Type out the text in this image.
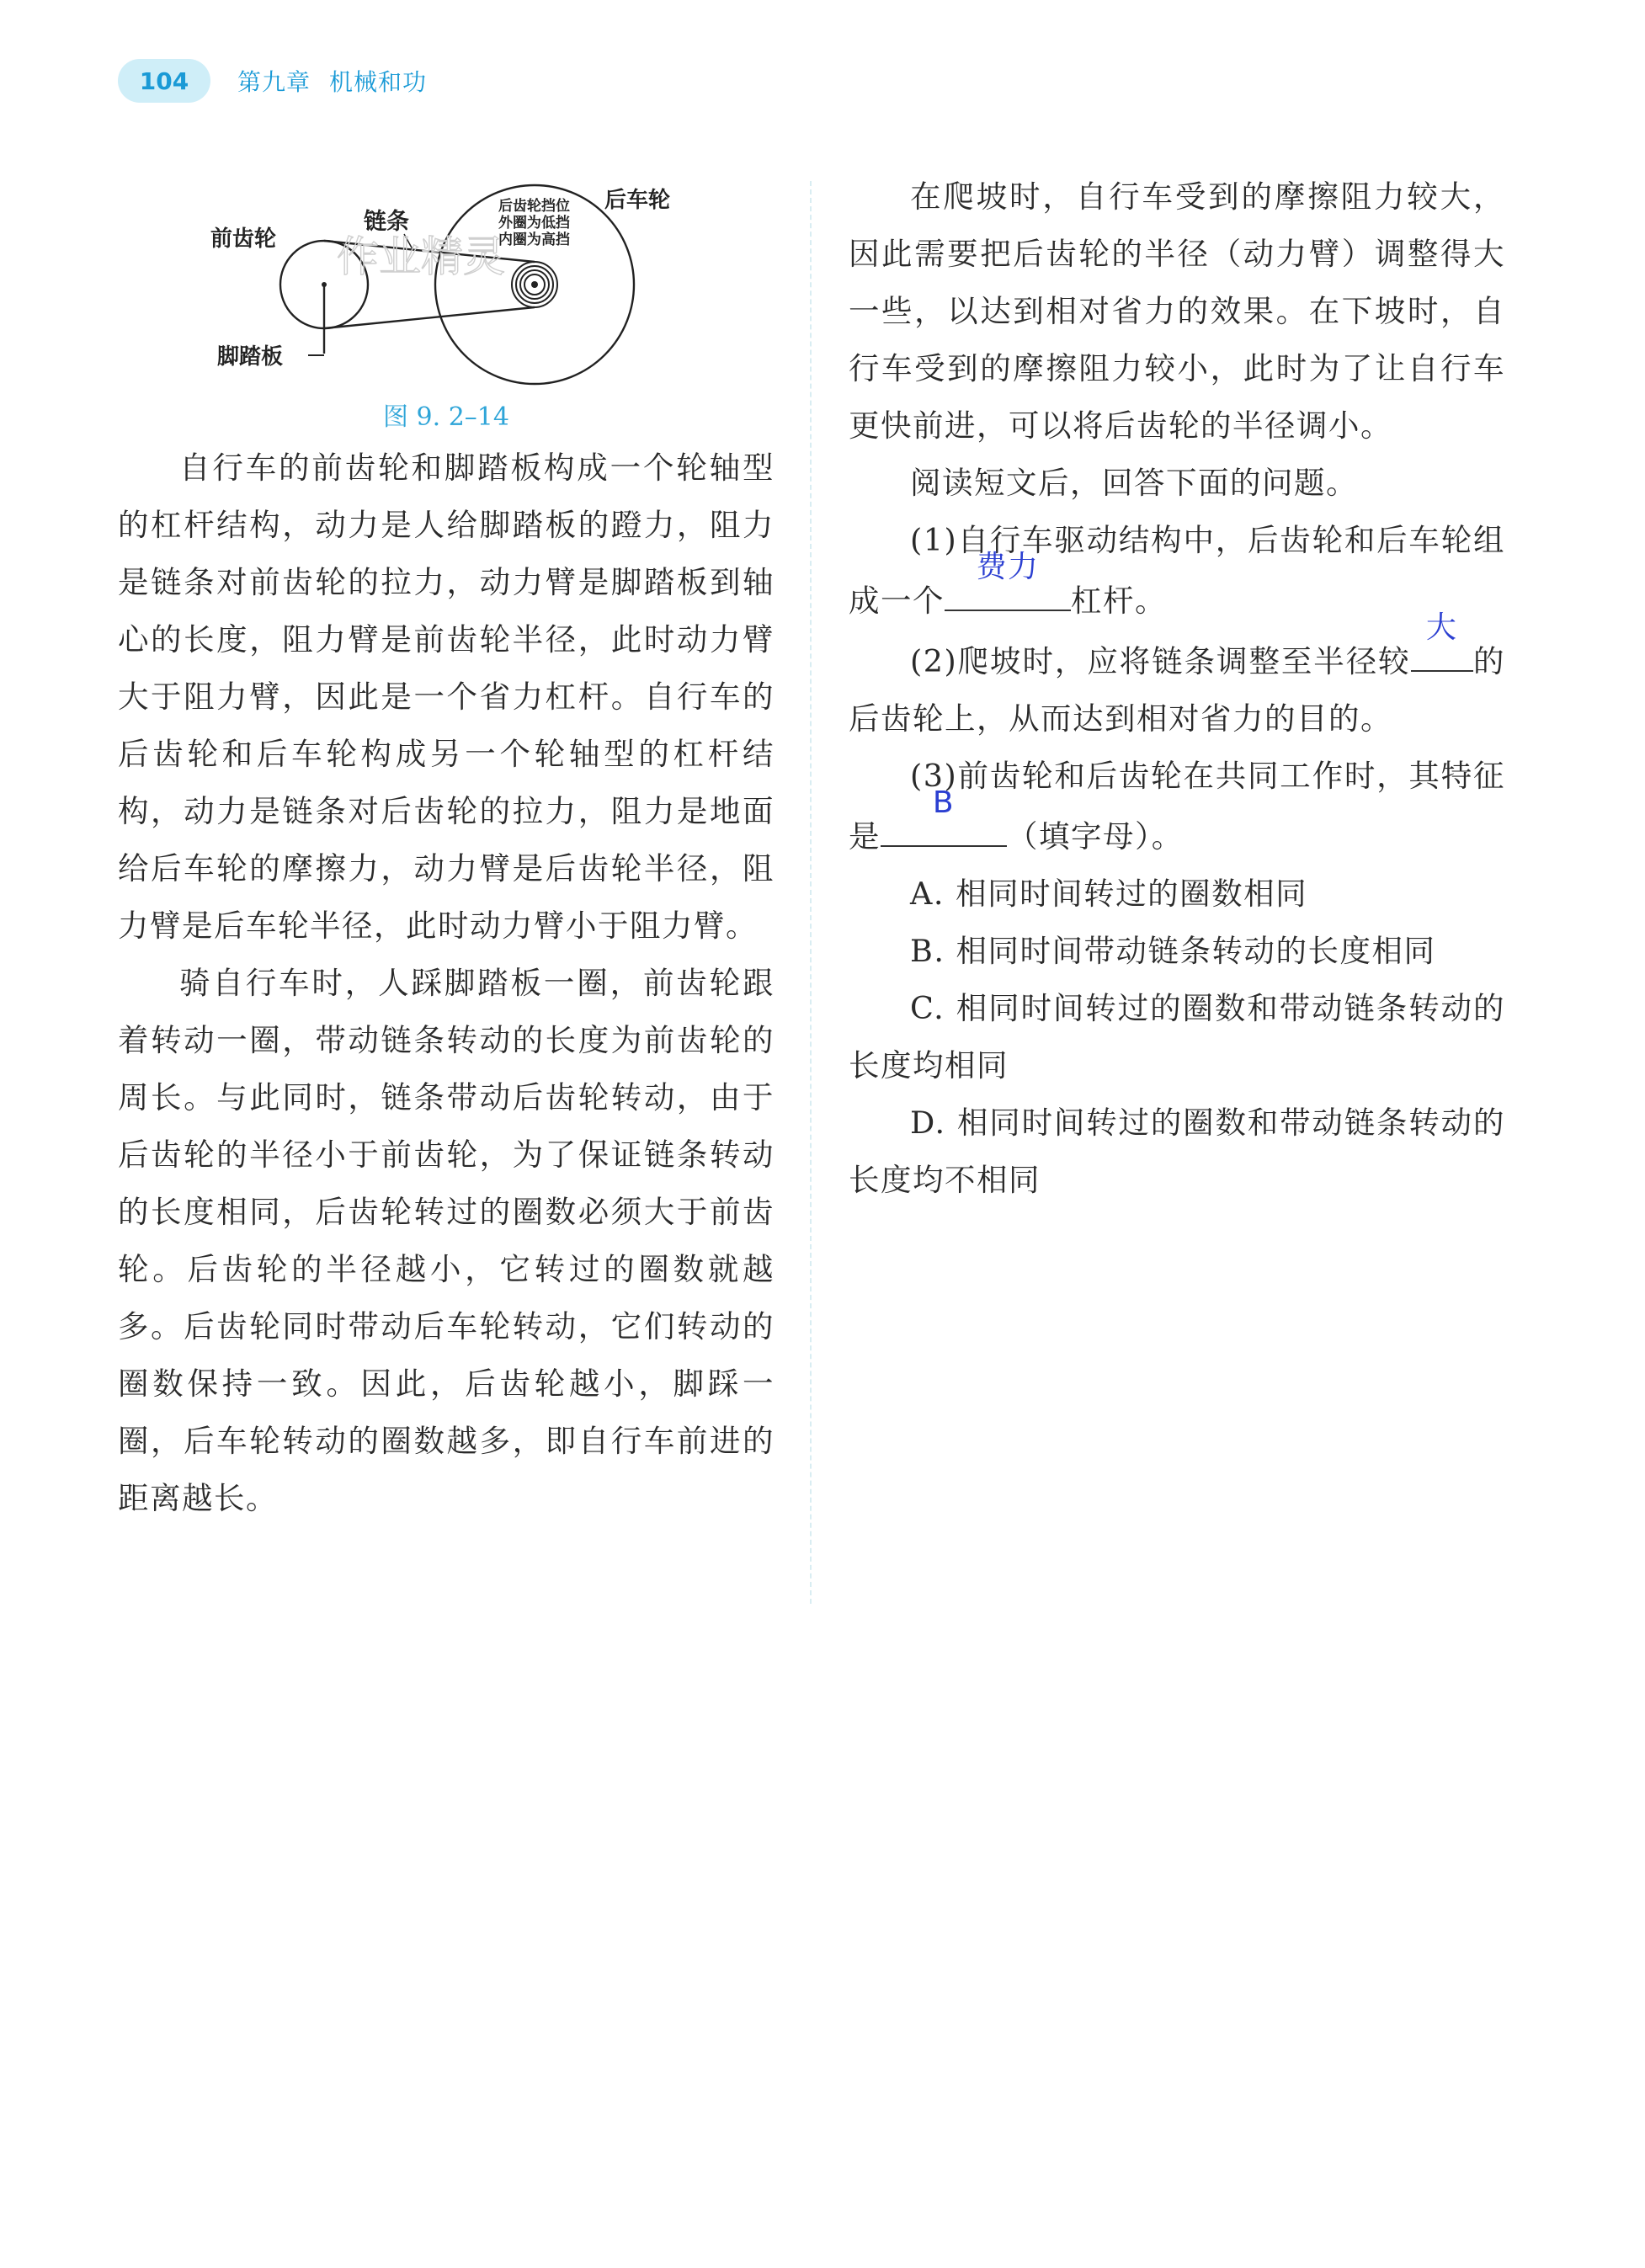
104	第九章 机械和功
前齿轮
链条
后车轮
脚踏板
后齿轮挡位
外圈为低挡
内圈为高挡
作业精灵
图 9. 2–14

自行车的前齿轮和脚踏板构成一个轮轴型的杠杆结构，动力是人给脚踏板的蹬力，阻力是链条对前齿轮的拉力，动力臂是脚踏板到轴心的长度，阻力臂是前齿轮半径，此时动力臂大于阻力臂，因此是一个省力杠杆。自行车的后齿轮和后车轮构成另一个轮轴型的杠杆结构，动力是链条对后齿轮的拉力，阻力是地面给后车轮的摩擦力，动力臂是后齿轮半径，阻力臂是后车轮半径，此时动力臂小于阻力臂。

骑自行车时，人踩脚踏板一圈，前齿轮跟着转动一圈，带动链条转动的长度为前齿轮的周长。与此同时，链条带动后齿轮转动，由于后齿轮的半径小于前齿轮，为了保证链条转动的长度相同，后齿轮转过的圈数必须大于前齿轮。后齿轮的半径越小，它转过的圈数就越多。后齿轮同时带动后车轮转动，它们转动的圈数保持一致。因此，后齿轮越小，脚踩一圈，后车轮转动的圈数越多，即自行车前进的距离越长。

在爬坡时，自行车受到的摩擦阻力较大，因此需要把后齿轮的半径（动力臂）调整得大一些，以达到相对省力的效果。在下坡时，自行车受到的摩擦阻力较小，此时为了让自行车更快前进，可以将后齿轮的半径调小。

阅读短文后，回答下面的问题。

(1)自行车驱动结构中，后齿轮和后车轮组成一个
费力
杠杆。

(2)爬坡时，应将链条调整至半径较
大
的后齿轮上，从而达到相对省力的目的。

(3)前齿轮和后齿轮在共同工作时，其特征是
B
（填字母）。

A. 相同时间转过的圈数相同

B. 相同时间带动链条转动的长度相同

C. 相同时间转过的圈数和带动链条转动的长度均相同

D. 相同时间转过的圈数和带动链条转动的长度均不相同
